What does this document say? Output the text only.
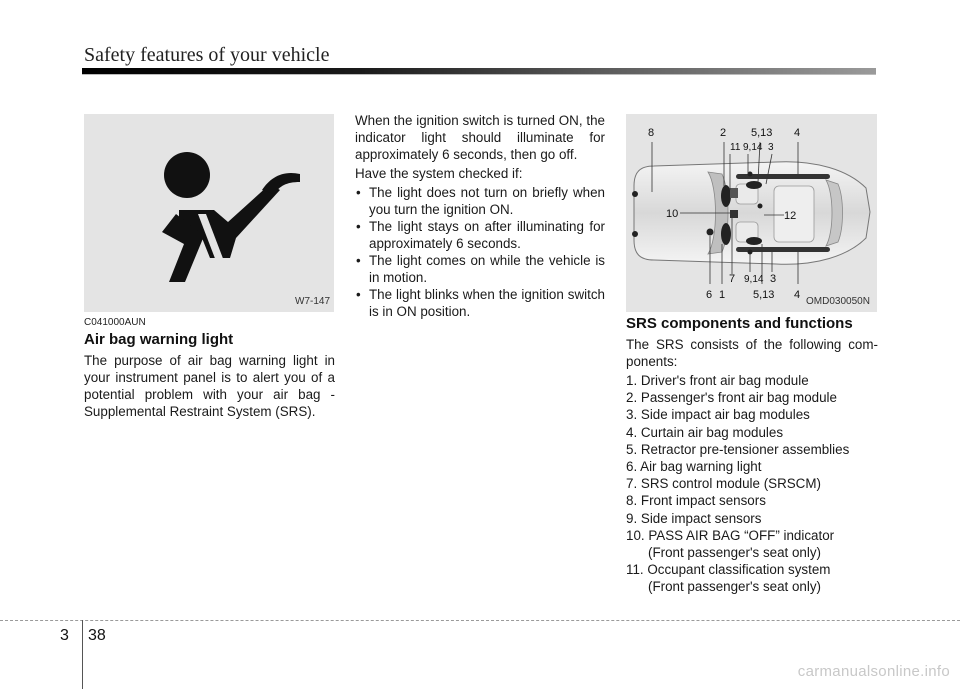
Safety features of your vehicle
W7-147
C041000AUN
Air bag warning light

The purpose of air bag warning light in your instrument panel is to alert you of a potential problem with your air bag - Supplemental Restraint System (SRS).

When the ignition switch is turned ON, the indicator light should illuminate for approximately 6 seconds, then go off.

Have the system checked if:

• The light does not turn on briefly when you turn the ignition ON.
• The light stays on after illuminating for approximately 6 seconds.
• The light comes on while the vehicle is in motion.
• The light blinks when the ignition switch is in ON position.
8	2 5,13 4
11 9,14 3
10	12
7 9,14 3
6 1	5,13 4
OMD030050N
SRS components and functions

The SRS consists of the following com- ponents:

1. Driver's front air bag module
2. Passenger's front air bag module
3. Side impact air bag modules
4. Curtain air bag modules
5. Retractor pre-tensioner assemblies
6. Air bag warning light
7. SRS control module (SRSCM)
8. Front impact sensors
9. Side impact sensors
10. PASS AIR BAG “OFF” indicator
(Front passenger's seat only)
11. Occupant classification system
(Front passenger's seat only)
3 38
carmanualsonline.info
